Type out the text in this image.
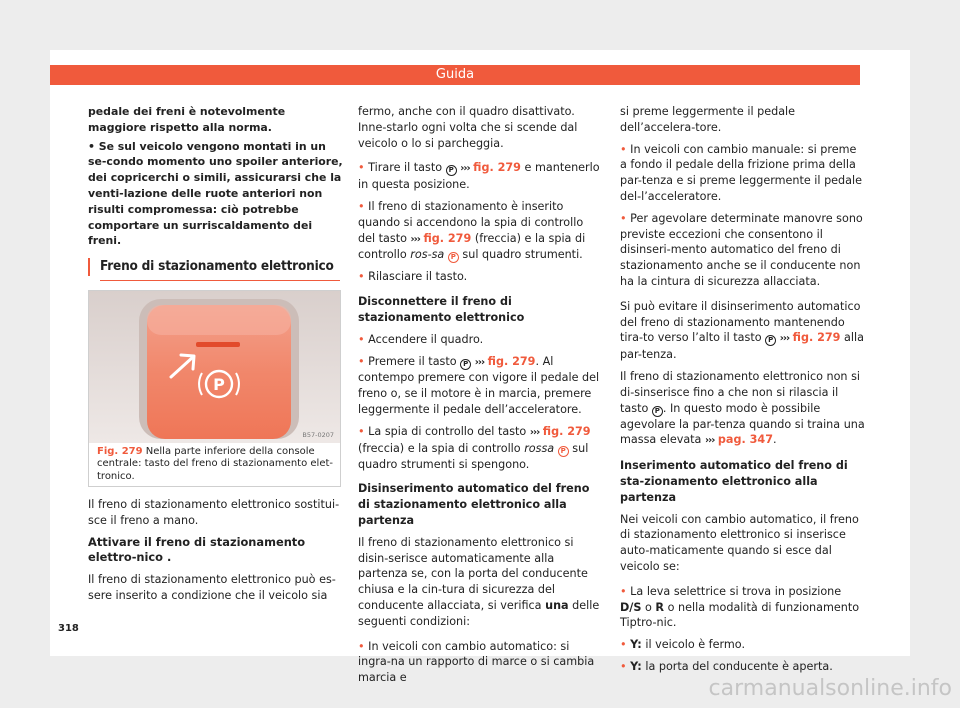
Guida
pedale dei freni è notevolmente maggiore rispetto alla norma.
• Se sul veicolo vengono montati in un se-condo momento uno spoiler anteriore, dei copricerchi o simili, assicurarsi che la venti-lazione delle ruote anteriori non risulti compromessa: ciò potrebbe comportare un surriscaldamento dei freni.
Freno di stazionamento elettronico
P
B57-0207
Fig. 279 Nella parte inferiore della console centrale: tasto del freno di stazionamento elet-tronico.
Il freno di stazionamento elettronico sostitui-sce il freno a mano.
Attivare il freno di stazionamento elettro-nico .
Il freno di stazionamento elettronico può es-sere inserito a condizione che il veicolo sia
fermo, anche con il quadro disattivato. Inne-starlo ogni volta che si scende dal veicolo o lo si parcheggia.
• Tirare il tasto P ››› fig. 279 e mantenerlo in questa posizione.
• Il freno di stazionamento è inserito quando si accendono la spia di controllo del tasto ››› fig. 279 (freccia) e la spia di controllo ros-sa P sul quadro strumenti.
• Rilasciare il tasto.
Disconnettere il freno di stazionamento elettronico
• Accendere il quadro.
• Premere il tasto P ››› fig. 279. Al contempo premere con vigore il pedale del freno o, se il motore è in marcia, premere leggermente il pedale dell’acceleratore.
• La spia di controllo del tasto ››› fig. 279 (freccia) e la spia di controllo rossa P sul quadro strumenti si spengono.
Disinserimento automatico del freno di stazionamento elettronico alla partenza
Il freno di stazionamento elettronico si disin-serisce automaticamente alla partenza se, con la porta del conducente chiusa e la cin-tura di sicurezza del conducente allacciata, si verifica una delle seguenti condizioni:
• In veicoli con cambio automatico: si ingra-na un rapporto di marce o si cambia marcia e
si preme leggermente il pedale dell’accelera-tore.
• In veicoli con cambio manuale: si preme a fondo il pedale della frizione prima della par-tenza e si preme leggermente il pedale del-l’acceleratore.
• Per agevolare determinate manovre sono previste eccezioni che consentono il disinseri-mento automatico del freno di stazionamento anche se il conducente non ha la cintura di sicurezza allacciata.
Si può evitare il disinserimento automatico del freno di stazionamento mantenendo tira-to verso l’alto il tasto P ››› fig. 279 alla par-tenza.
Il freno di stazionamento elettronico non si di-sinserisce fino a che non si rilascia il tasto P . In questo modo è possibile agevolare la par-tenza quando si traina una massa elevata ››› pag. 347.
Inserimento automatico del freno di sta-zionamento elettronico alla partenza
Nei veicoli con cambio automatico, il freno di stazionamento elettronico si inserisce auto-maticamente quando si esce dal veicolo se:
• La leva selettrice si trova in posizione D/S o R o nella modalità di funzionamento Tiptro-nic.
• Y: il veicolo è fermo.
• Y: la porta del conducente è aperta.
318
carmanualsonline.info
